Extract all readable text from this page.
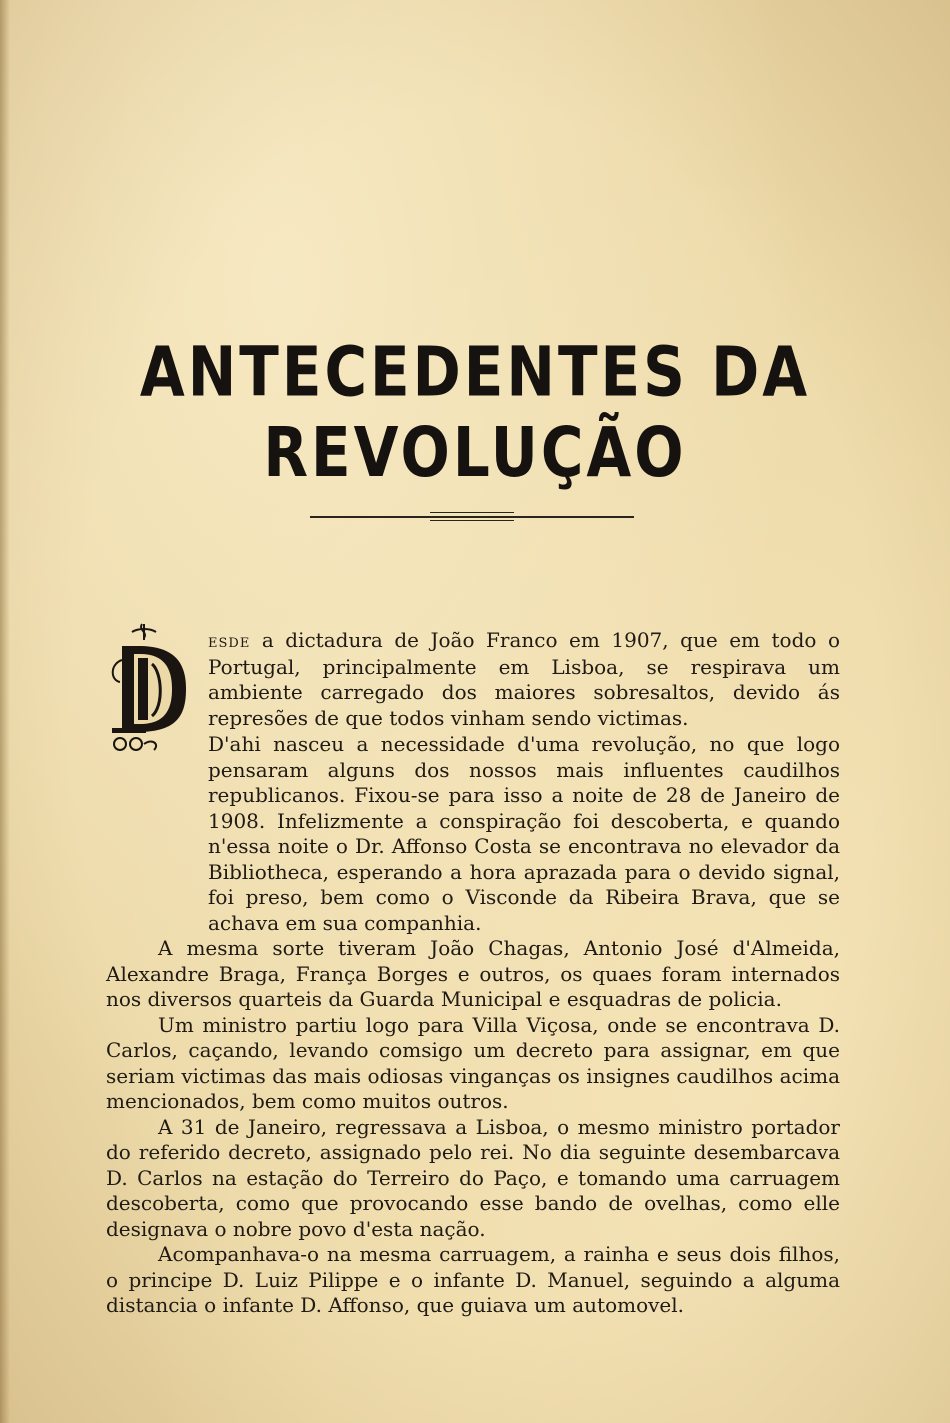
ANTECEDENTES DA REVOLUÇÃO
esde a dictadura de João Franco em 1907, que em todo o Portugal, principalmente em Lisboa, se respirava um ambiente carregado dos maiores sobresaltos, devido ás represões de que todos vinham sendo victimas.

D'ahi nasceu a necessidade d'uma revolução, no que logo pensaram alguns dos nossos mais influentes caudilhos republicanos. Fixou-se para isso a noite de 28 de Janeiro de 1908. Infelizmente a conspiração foi descoberta, e quando n'essa noite o Dr. Affonso Costa se encontrava no elevador da Bibliotheca, esperando a hora aprazada para o devido signal, foi preso, bem como o Visconde da Ribeira Brava, que se achava em sua companhia.

A mesma sorte tiveram João Chagas, Antonio José d'Almeida, Alexandre Braga, França Borges e outros, os quaes foram internados nos diversos quarteis da Guarda Municipal e esquadras de policia.

Um ministro partiu logo para Villa Viçosa, onde se encontrava D. Carlos, caçando, levando comsigo um decreto para assignar, em que seriam victimas das mais odiosas vinganças os insignes caudilhos acima mencionados, bem como muitos outros.

A 31 de Janeiro, regressava a Lisboa, o mesmo ministro portador do referido decreto, assignado pelo rei. No dia seguinte desembarcava D. Carlos na estação do Terreiro do Paço, e tomando uma carruagem descoberta, como que provocando esse bando de ovelhas, como elle designava o nobre povo d'esta nação.

Acompanhava-o na mesma carruagem, a rainha e seus dois filhos, o principe D. Luiz Pilippe e o infante D. Manuel, seguindo a alguma distancia o infante D. Affonso, que guiava um automovel.
